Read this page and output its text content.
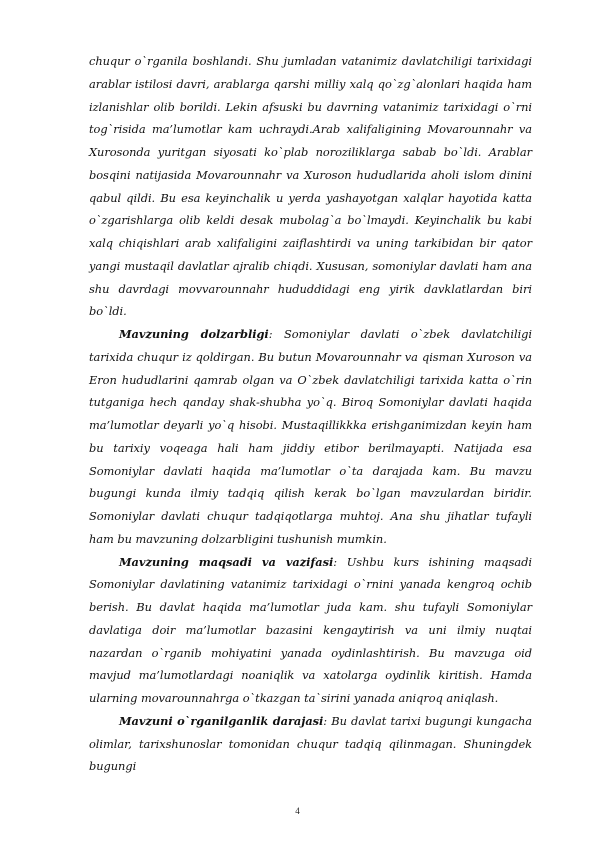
chuqur o`rganila boshlandi. Shu jumladan vatanimiz davlatchiligi tarixidagi arablar istilosi davri, arablarga qarshi milliy xalq qo`zg`alonlari haqida ham izlanishlar olib borildi. Lekin afsuski bu davrning vatanimiz tarixidagi o`rni tog`risida ma’lumotlar kam uchraydi.Arab xalifaligining Movarounnahr va Xurosonda yuritgan siyosati ko`plab noroziliklarga sabab bo`ldi. Arablar bosqini natijasida Movarounnahr va Xuroson hududlarida aholi islom dinini qabul qildi. Bu esa keyinchalik u yerda yashayotgan xalqlar hayotida katta o`zgarishlarga olib keldi desak mubolag`a bo`lmaydi. Keyinchalik bu kabi xalq chiqishlari arab xalifaligini zaiflashtirdi va uning tarkibidan bir qator yangi mustaqil davlatlar ajralib chiqdi. Xususan, somoniylar davlati ham ana shu davrdagi movvarounnahr hududdidagi eng yirik davklatlardan biri bo`ldi.

Mavzuning dolzarbligi: Somoniylar davlati o`zbek davlatchiligi tarixida chuqur iz qoldirgan. Bu butun Movarounnahr va qisman Xuroson va Eron hududlarini qamrab olgan va O`zbek davlatchiligi tarixida katta o`rin tutganiga hech qanday shak-shubha yo`q. Biroq Somoniylar davlati haqida ma’lumotlar deyarli yo`q hisobi. Mustaqillikkka erishganimizdan keyin ham bu tarixiy voqeaga hali ham jiddiy etibor berilmayapti. Natijada esa Somoniylar davlati haqida ma’lumotlar o`ta darajada kam. Bu mavzu bugungi kunda ilmiy tadqiq qilish kerak bo`lgan mavzulardan biridir. Somoniylar davlati chuqur tadqiqotlarga muhtoj. Ana shu jihatlar tufayli ham bu mavzuning dolzarbligini tushunish mumkin.

Mavzuning maqsadi va vazifasi: Ushbu kurs ishining maqsadi Somoniylar davlatining vatanimiz tarixidagi o`rnini yanada kengroq ochib berish. Bu davlat haqida ma’lumotlar juda kam. shu tufayli Somoniylar davlatiga doir ma’lumotlar bazasini kengaytirish va uni ilmiy nuqtai nazardan o`rganib mohiyatini yanada oydinlashtirish. Bu mavzuga oid mavjud ma’lumotlardagi noaniqlik va xatolarga oydinlik kiritish. Hamda ularning movarounnahrga o`tkazgan ta`sirini yanada aniqroq aniqlash.

Mavzuni o`rganilganlik darajasi: Bu davlat tarixi bugungi kungacha olimlar, tarixshunoslar tomonidan chuqur tadqiq qilinmagan. Shuningdek bugungi

4
